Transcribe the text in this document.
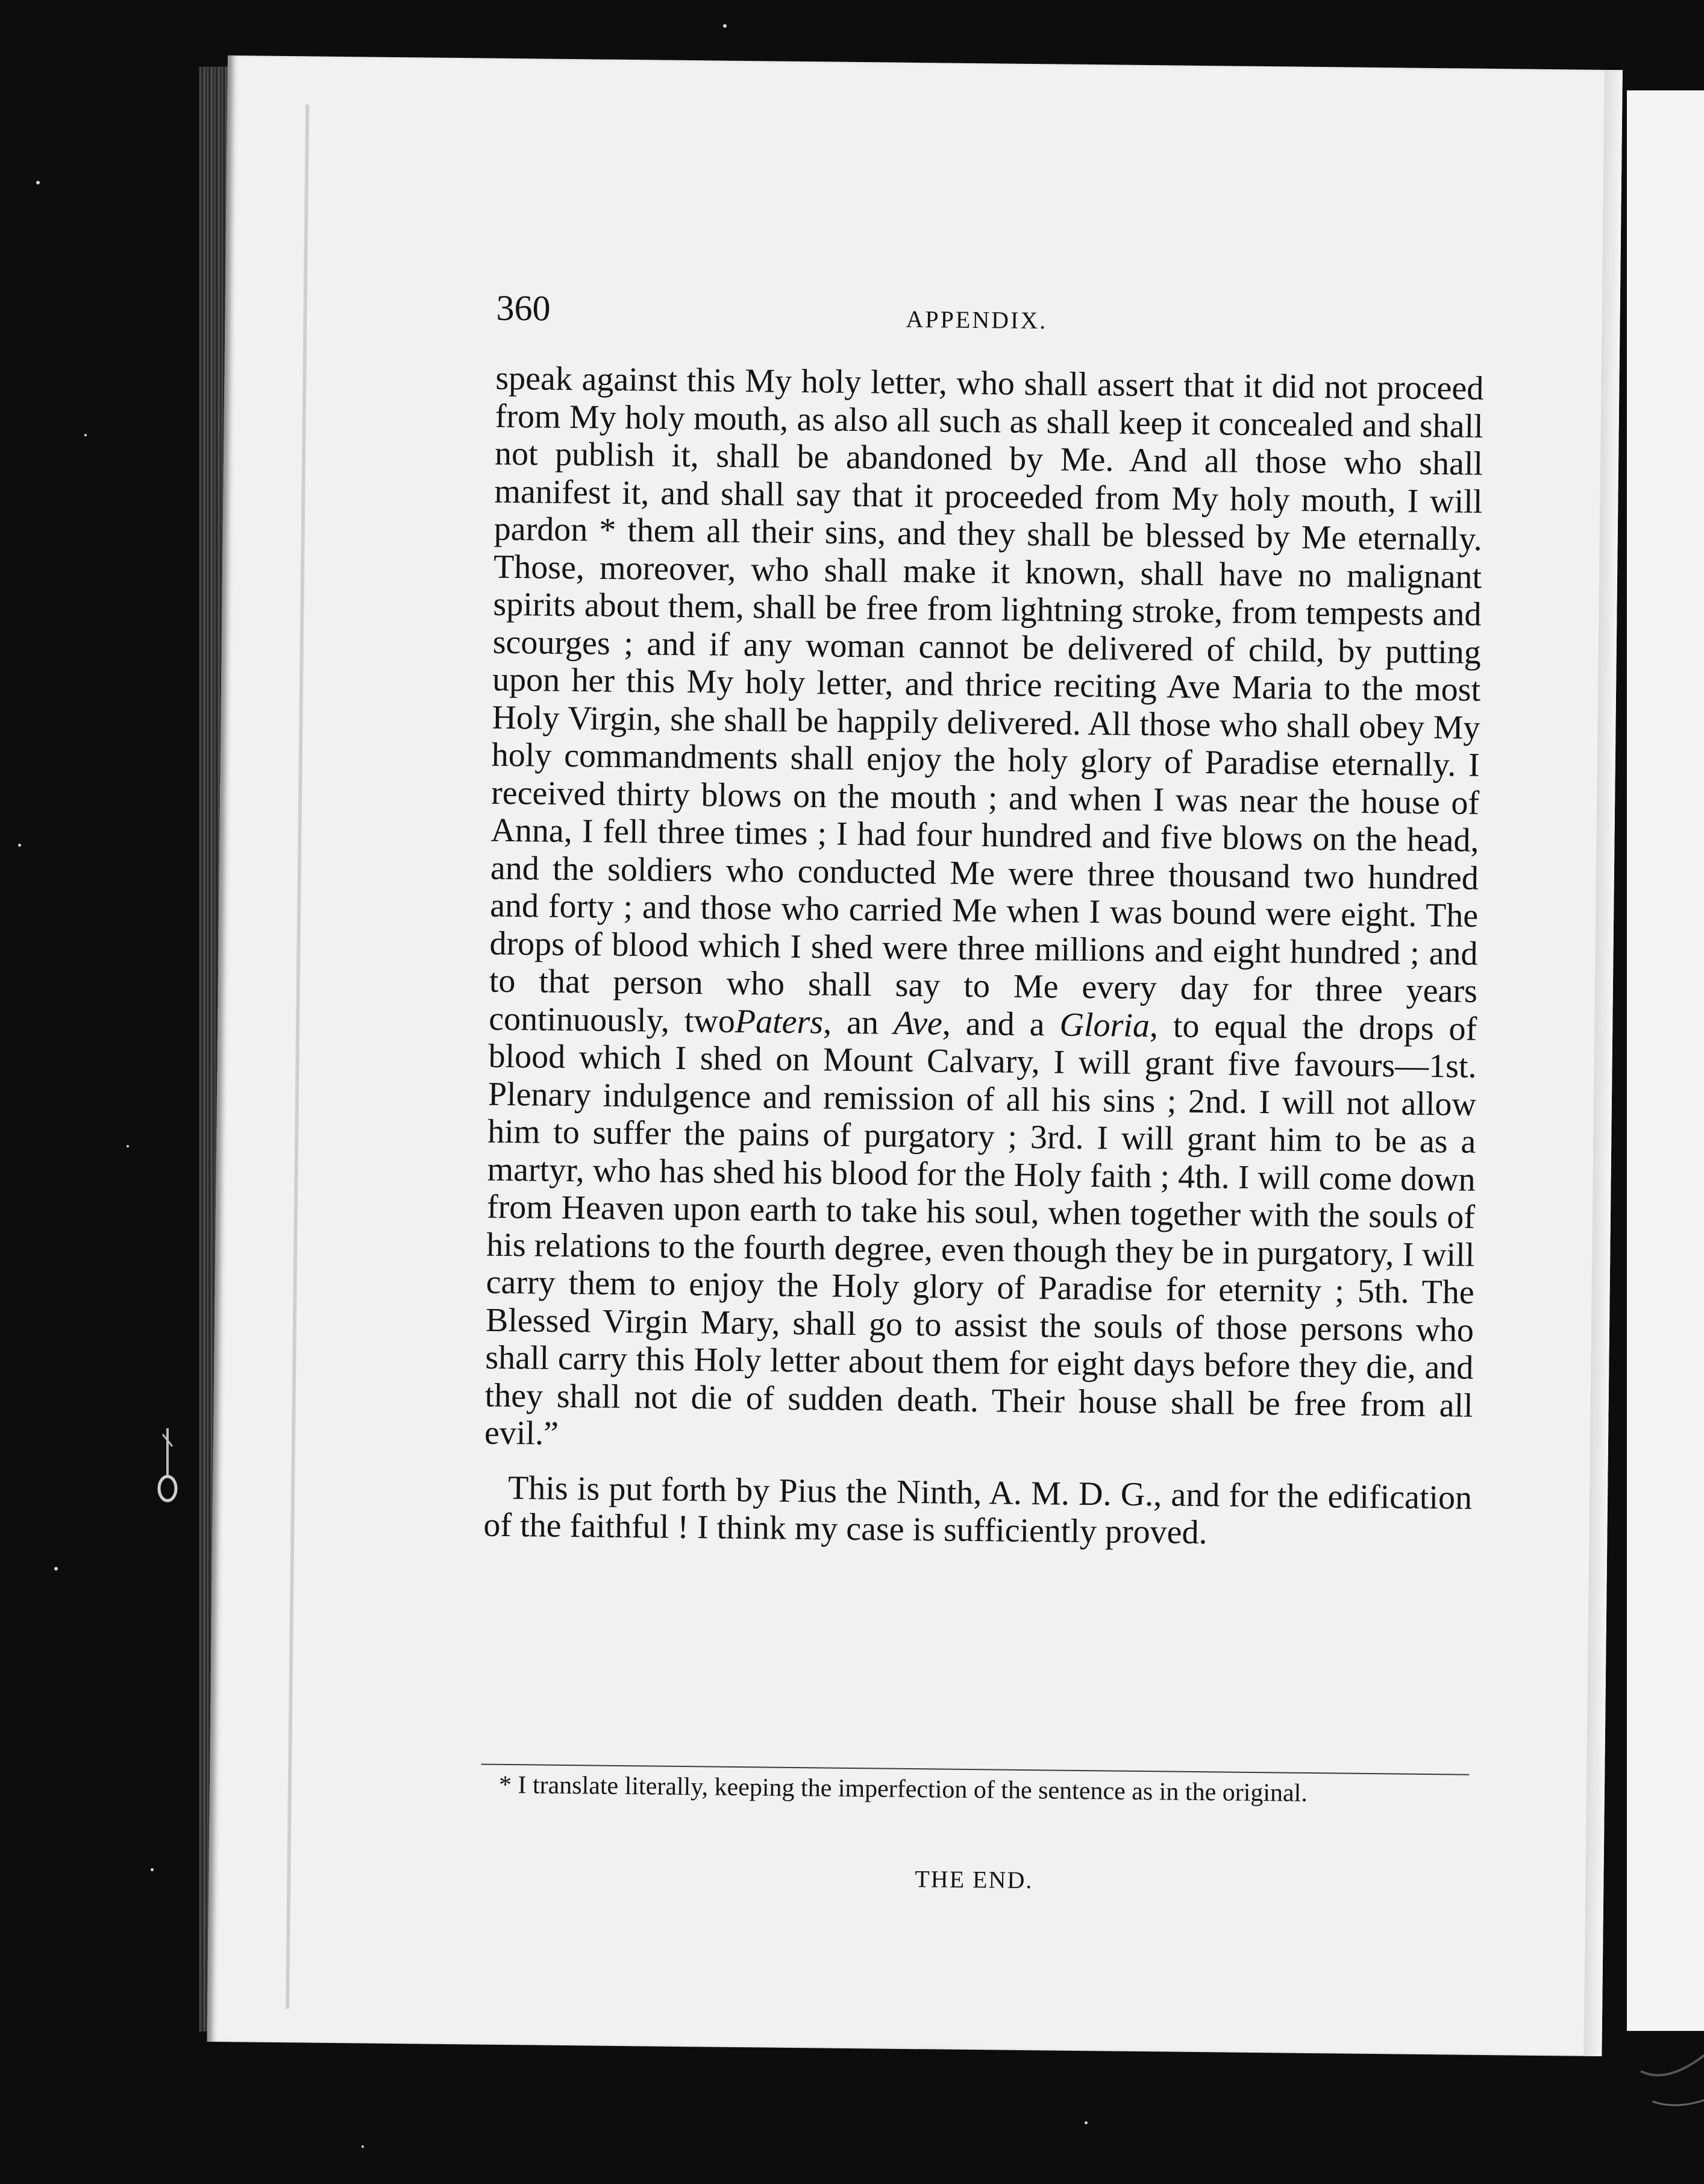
360	APPENDIX.

speak against this My holy letter, who shall assert that it did not proceed from My holy mouth, as also all such as shall keep it concealed and shall not publish it, shall be abandoned by Me. And all those who shall manifest it, and shall say that it proceeded from My holy mouth, I will pardon * them all their sins, and they shall be blessed by Me eternally. Those, moreover, who shall make it known, shall have no malignant spirits about them, shall be free from lightning stroke, from tempests and scourges ; and if any woman cannot be delivered of child, by putting upon her this My holy letter, and thrice reciting Ave Maria to the most Holy Virgin, she shall be happily delivered. All those who shall obey My holy commandments shall enjoy the holy glory of Paradise eternally. I received thirty blows on the mouth ; and when I was near the house of Anna, I fell three times ; I had four hundred and five blows on the head, and the soldiers who conducted Me were three thousand two hundred and forty ; and those who carried Me when I was bound were eight. The drops of blood which I shed were three millions and eight hundred ; and to that person who shall say to Me every day for three years continuously, twoPaters, an Ave, and a Gloria, to equal the drops of blood which I shed on Mount Calvary, I will grant five favours—1st. Plenary indulgence and remission of all his sins ; 2nd. I will not allow him to suffer the pains of purgatory ; 3rd. I will grant him to be as a martyr, who has shed his blood for the Holy faith ; 4th. I will come down from Heaven upon earth to take his soul, when together with the souls of his relations to the fourth degree, even though they be in purgatory, I will carry them to enjoy the Holy glory of Paradise for eternity ; 5th. The Blessed Virgin Mary, shall go to assist the souls of those persons who shall carry this Holy letter about them for eight days before they die, and they shall not die of sudden death. Their house shall be free from all evil.”

This is put forth by Pius the Ninth, A. M. D. G., and for the edification of the faithful ! I think my case is sufficiently proved.

* I translate literally, keeping the imperfection of the sentence as in the original.
THE END.
